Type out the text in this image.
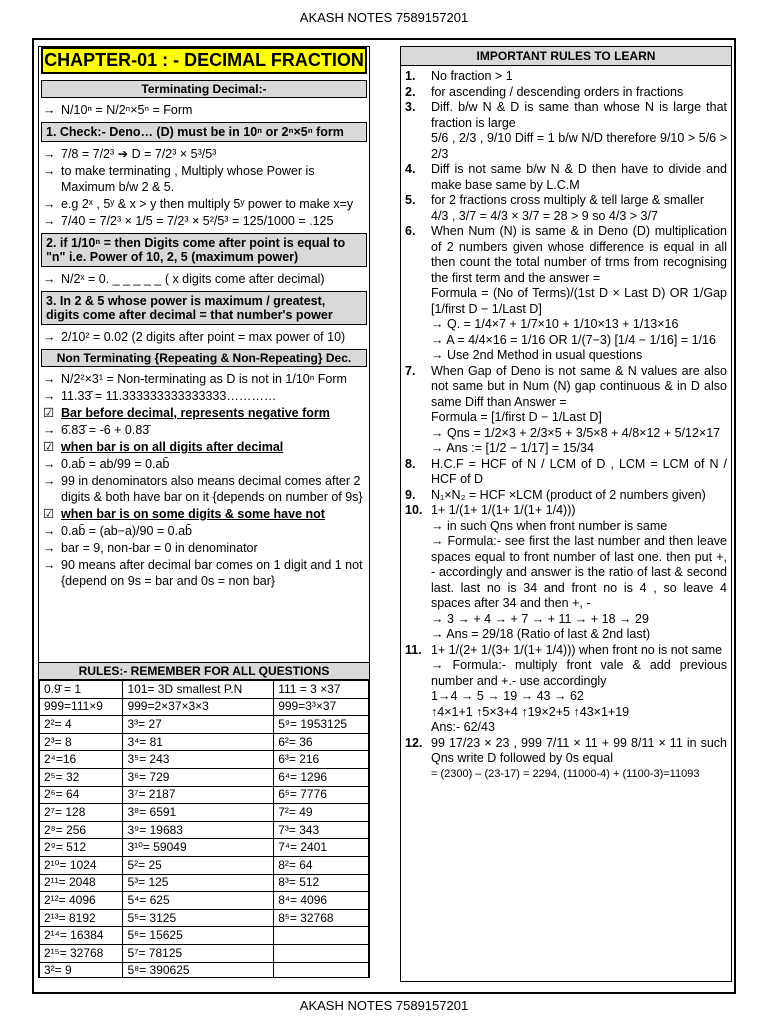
AKASH NOTES 7589157201
CHAPTER-01 : - DECIMAL FRACTION
Terminating Decimal:-
→ N/10ⁿ = N/2ⁿ×5ⁿ = Form
1. Check:- Deno… (D) must be in 10ⁿ or 2ⁿ×5ⁿ form
→ 7/8 = 7/2³ ➔ D = 7/2³ × 5³/5³
→ to make terminating , Multiply whose Power is Maximum b/w 2 & 5.
→ e.g 2ˣ , 5ʸ & x > y then multiply 5ʸ power to make x=y
→ 7/40 = 7/2³ × 1/5 = 7/2³ × 5²/5³ = 125/1000 = .125
2. if 1/10ⁿ = then Digits come after point is equal to "n" i.e. Power of 10, 2, 5 (maximum power)
→ N/2ˣ = 0. _ _ _ _ _ ( x digits come after decimal)
3. In 2 & 5 whose power is maximum / greatest, digits come after decimal = that number's power
→ 2/10² = 0.02 (2 digits after point = max power of 10)
Non Terminating {Repeating & Non-Repeating} Dec.
→ N/2²×3¹ = Non-terminating as D is not in 1/10ⁿ Form
→ 11.33̄ = 11.333333333333333…………
☑ Bar before decimal, represents negative form
→ 6̄.83̄ = -6 + 0.83̄
☑ when bar is on all digits after decimal
→ 0.ab̄ = ab/99 = 0.ab̄
→ 99 in denominators also means decimal comes after 2 digits & both have bar on it {depends on number of 9s}
☑ when bar is on some digits & some have not
→ 0.ab̄ = (ab−a)/90 = 0.ab̄
→ bar = 9, non-bar = 0 in denominator
→ 90 means after decimal bar comes on 1 digit and 1 not {depend on 9s = bar and 0s = non bar}
RULES:- REMEMBER FOR ALL QUESTIONS
0.9̄ = 1	101= 3D smallest P.N	111 = 3 ×37
999=111×9	999=2×37×3×3	999=3³×37
2²= 4	3³= 27	5⁹= 1953125
2³= 8	3⁴= 81	6²= 36
2⁴=16	3⁵= 243	6³= 216
2⁵= 32	3⁶= 729	6⁴= 1296
2⁶= 64	3⁷= 2187	6⁵= 7776
2⁷= 128	3⁸= 6591	7²= 49
2⁸= 256	3⁹= 19683	7³= 343
2⁹= 512	3¹⁰= 59049	7⁴= 2401
2¹⁰= 1024	5²= 25	8²= 64
2¹¹= 2048	5³= 125	8³= 512
2¹²= 4096	5⁴= 625	8⁴= 4096
2¹³= 8192	5⁵= 3125	8⁵= 32768
2¹⁴= 16384	5⁶= 15625	
2¹⁵= 32768	5⁷= 78125	
3²= 9	5⁸= 390625	
IMPORTANT RULES TO LEARN
1.	No fraction > 1
2.	for ascending / descending orders in fractions
3.	Diff. b/w N & D is same than whose N is large that fraction is large
5/6 , 2/3 , 9/10 Diff = 1 b/w N/D therefore 9/10 > 5/6 > 2/3
4.	Diff is not same b/w N & D then have to divide and make base same by L.C.M
5.	for 2 fractions cross multiply & tell large & smaller
4/3 , 3/7 = 4/3 × 3/7 = 28 > 9 so 4/3 > 3/7
6.	When Num (N) is same & in Deno (D) multiplication of 2 numbers given whose difference is equal in all then count the total number of trms from recognising the first term and the answer =
Formula = (No of Terms)/(1st D × Last D) OR 1/Gap [1/first D − 1/Last D]
→ Q. = 1/4×7 + 1/7×10 + 1/10×13 + 1/13×16
→ A = 4/4×16 = 1/16 OR 1/(7−3) [1/4 − 1/16] = 1/16
→ Use 2nd Method in usual questions
7.	When Gap of Deno is not same & N values are also not same but in Num (N) gap continuous & in D also same Diff than Answer =
Formula = [1/first D − 1/Last D]
→ Qns = 1/2×3 + 2/3×5 + 3/5×8 + 4/8×12 + 5/12×17
→ Ans := [1/2 − 1/17] = 15/34
8.	H.C.F = HCF of N / LCM of D , LCM = LCM of N / HCF of D
9.	N₁×N₂ = HCF ×LCM (product of 2 numbers given)
10. 1+ 1/(1+ 1/(1+ 1/(1+ 1/4)))
→ in such Qns when front number is same
→ Formula:- see first the last number and then leave spaces equal to front number of last one. then put +, - accordingly and answer is the ratio of last & second last. last no is 34 and front no is 4 , so leave 4 spaces after 34 and then +, -
→ 3 → + 4 → + 7 → + 11 → + 18 → 29
→ Ans = 29/18 (Ratio of last & 2nd last)
11. 1+ 1/(2+ 1/(3+ 1/(1+ 1/4))) when front no is not same
→ Formula:- multiply front vale & add previous number and +.- use accordingly
1→4 → 5 → 19 → 43 → 62
↑4×1+1 ↑5×3+4 ↑19×2+5 ↑43×1+19
Ans:- 62/43
12. 99 17/23 × 23 , 999 7/11 × 11 + 99 8/11 × 11 in such Qns write D followed by 0s equal
= (2300) – (23-17) = 2294, (11000-4) + (1100-3)=11093
AKASH NOTES 7589157201
